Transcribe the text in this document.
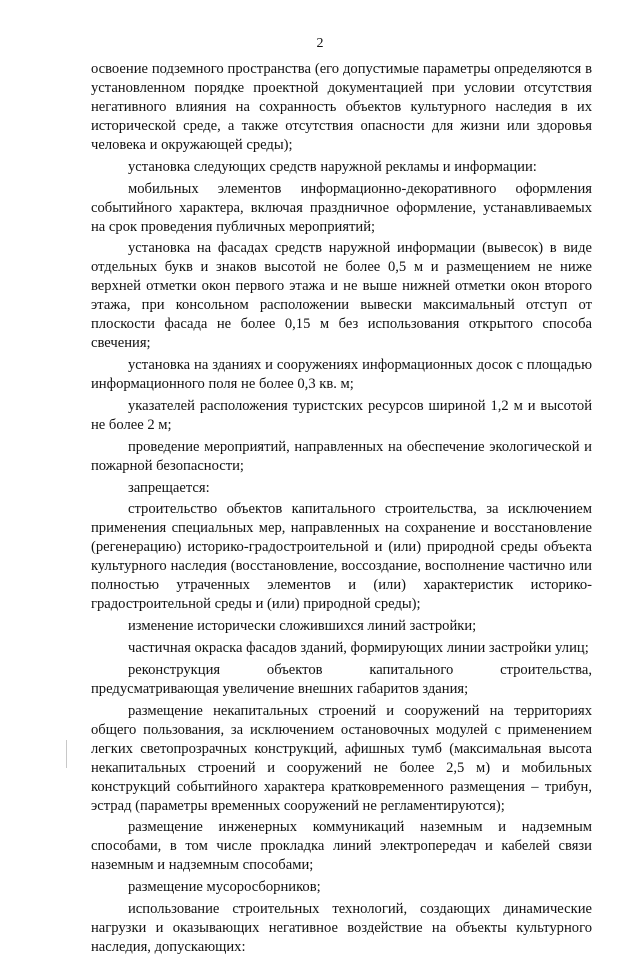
2

освоение подземного пространства (его допустимые параметры определяются в установленном порядке проектной документацией при условии отсутствия негативного влияния на сохранность объектов культурного наследия в их исторической среде, а также отсутствия опасности для жизни или здоровья человека и окружающей среды);

установка следующих средств наружной рекламы и информации:

мобильных элементов информационно-декоративного оформления событийного характера, включая праздничное оформление, устанавливаемых на срок проведения публичных мероприятий;

установка на фасадах средств наружной информации (вывесок) в виде отдельных букв и знаков высотой не более 0,5 м и размещением не ниже верхней отметки окон первого этажа и не выше нижней отметки окон второго этажа, при консольном расположении вывески максимальный отступ от плоскости фасада не более 0,15 м без использования открытого способа свечения;

установка на зданиях и сооружениях информационных досок с площадью информационного поля не более 0,3 кв. м;

указателей расположения туристских ресурсов шириной 1,2 м и высотой не более 2 м;

проведение мероприятий, направленных на обеспечение экологической и пожарной безопасности;

запрещается:

строительство объектов капитального строительства, за исключением применения специальных мер, направленных на сохранение и восстановление (регенерацию) историко-градостроительной и (или) природной среды объекта культурного наследия (восстановление, воссоздание, восполнение частично или полностью утраченных элементов и (или) характеристик историко-градостроительной среды и (или) природной среды);

изменение исторически сложившихся линий застройки;

частичная окраска фасадов зданий, формирующих линии застройки улиц;

реконструкция объектов капитального строительства, предусматривающая увеличение внешних габаритов здания;

размещение некапитальных строений и сооружений на территориях общего пользования, за исключением остановочных модулей с применением легких светопрозрачных конструкций, афишных тумб (максимальная высота некапитальных строений и сооружений не более 2,5 м) и мобильных конструкций событийного характера кратковременного размещения – трибун, эстрад (параметры временных сооружений не регламентируются);

размещение инженерных коммуникаций наземным и надземным способами, в том числе прокладка линий электропередач и кабелей связи наземным и надземным способами;

размещение мусоросборников;

использование строительных технологий, создающих динамические нагрузки и оказывающих негативное воздействие на объекты культурного наследия, допускающих:
